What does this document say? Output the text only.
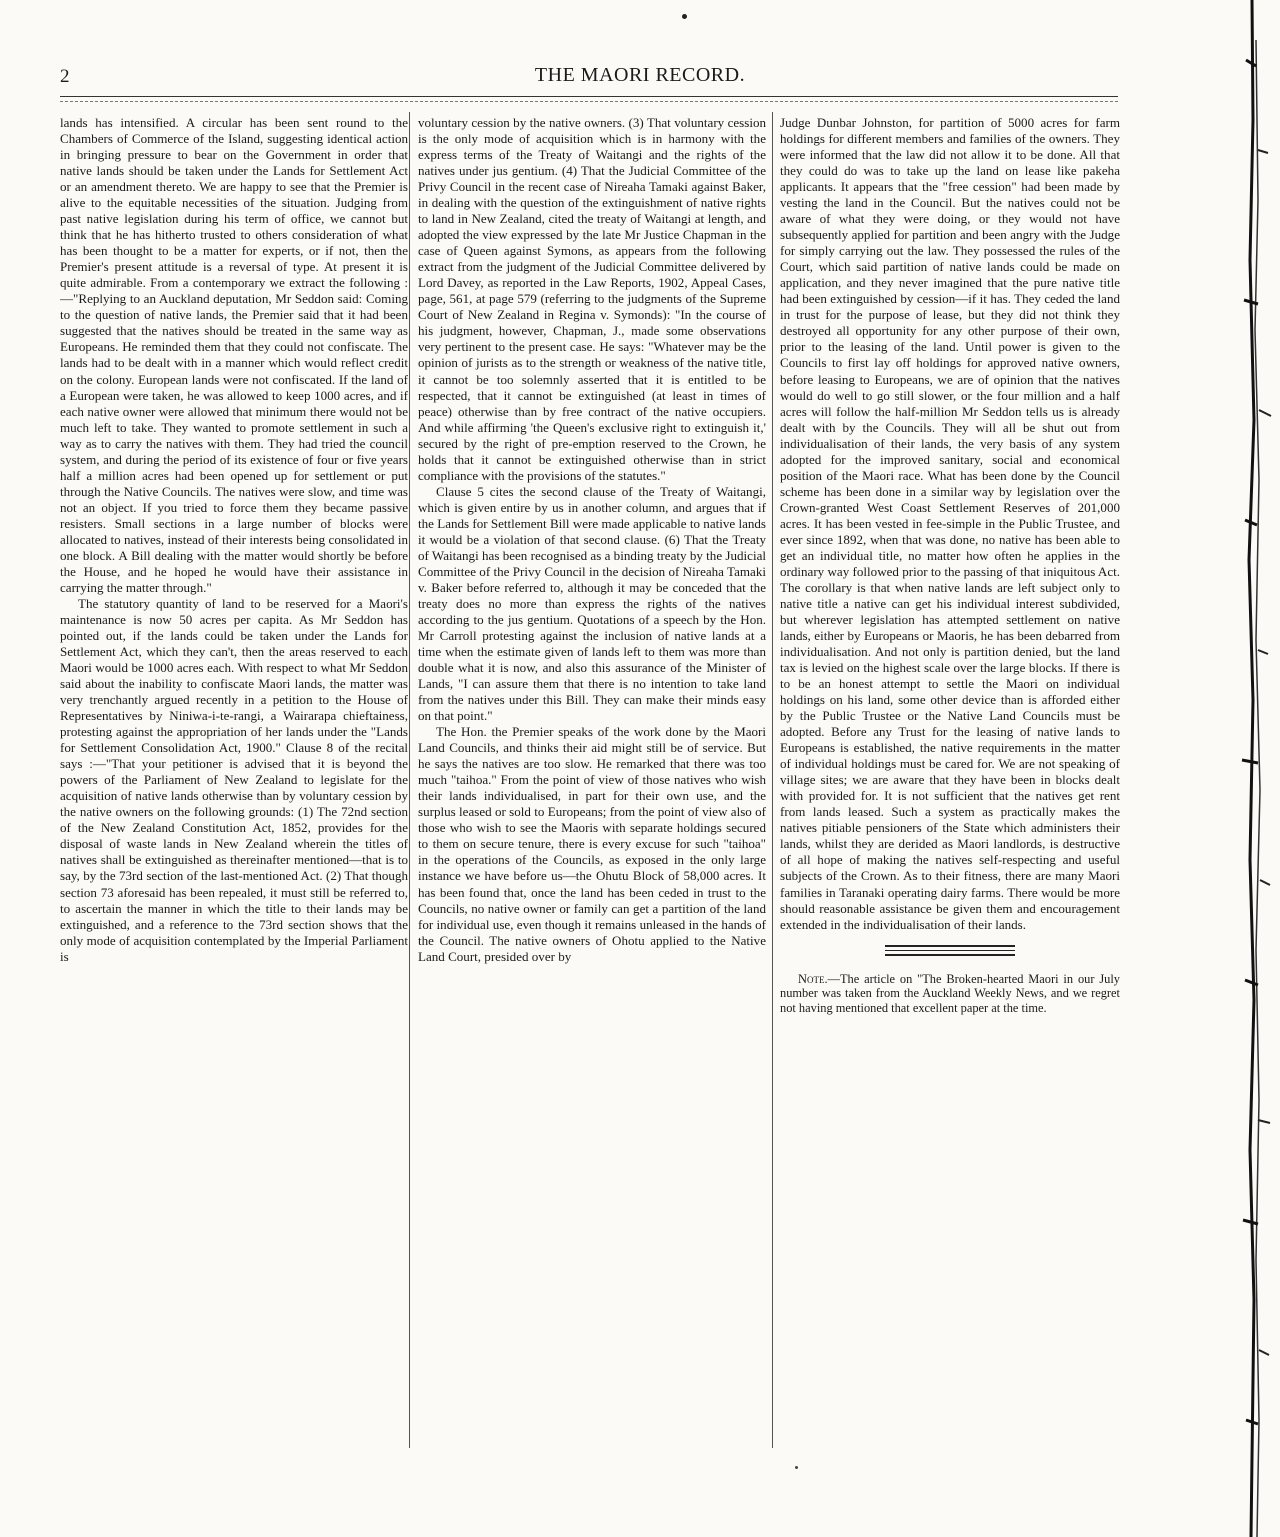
2	THE MAORI RECORD.

lands has intensified. A circular has been sent round to the Chambers of Commerce of the Island, suggesting identical action in bringing pressure to bear on the Government in order that native lands should be taken under the Lands for Settlement Act or an amendment thereto. We are happy to see that the Premier is alive to the equitable necessities of the situation. Judging from past native legislation during his term of office, we cannot but think that he has hitherto trusted to others consideration of what has been thought to be a matter for experts, or if not, then the Premier's present attitude is a reversal of type. At present it is quite admirable. From a contemporary we extract the following :—"Replying to an Auckland deputation, Mr Seddon said: Coming to the question of native lands, the Premier said that it had been suggested that the natives should be treated in the same way as Europeans. He reminded them that they could not confiscate. The lands had to be dealt with in a manner which would reflect credit on the colony. European lands were not confiscated. If the land of a European were taken, he was allowed to keep 1000 acres, and if each native owner were allowed that minimum there would not be much left to take. They wanted to promote settlement in such a way as to carry the natives with them. They had tried the council system, and during the period of its existence of four or five years half a million acres had been opened up for settlement or put through the Native Councils. The natives were slow, and time was not an object. If you tried to force them they became passive resisters. Small sections in a large number of blocks were allocated to natives, instead of their interests being consolidated in one block. A Bill dealing with the matter would shortly be before the House, and he hoped he would have their assistance in carrying the matter through."

The statutory quantity of land to be reserved for a Maori's maintenance is now 50 acres per capita. As Mr Seddon has pointed out, if the lands could be taken under the Lands for Settlement Act, which they can't, then the areas reserved to each Maori would be 1000 acres each. With respect to what Mr Seddon said about the inability to confiscate Maori lands, the matter was very trenchantly argued recently in a petition to the House of Representatives by Niniwa-i-te-rangi, a Wairarapa chieftainess, protesting against the appropriation of her lands under the "Lands for Settlement Consolidation Act, 1900." Clause 8 of the recital says :—"That your petitioner is advised that it is beyond the powers of the Parliament of New Zealand to legislate for the acquisition of native lands otherwise than by voluntary cession by the native owners on the following grounds: (1) The 72nd section of the New Zealand Constitution Act, 1852, provides for the disposal of waste lands in New Zealand wherein the titles of natives shall be extinguished as thereinafter mentioned—that is to say, by the 73rd section of the last-mentioned Act. (2) That though section 73 aforesaid has been repealed, it must still be referred to, to ascertain the manner in which the title to their lands may be extinguished, and a reference to the 73rd section shows that the only mode of acquisition contemplated by the Imperial Parliament is

voluntary cession by the native owners. (3) That voluntary cession is the only mode of acquisition which is in harmony with the express terms of the Treaty of Waitangi and the rights of the natives under jus gentium. (4) That the Judicial Committee of the Privy Council in the recent case of Nireaha Tamaki against Baker, in dealing with the question of the extinguishment of native rights to land in New Zealand, cited the treaty of Waitangi at length, and adopted the view expressed by the late Mr Justice Chapman in the case of Queen against Symons, as appears from the following extract from the judgment of the Judicial Committee delivered by Lord Davey, as reported in the Law Reports, 1902, Appeal Cases, page, 561, at page 579 (referring to the judgments of the Supreme Court of New Zealand in Regina v. Symonds): "In the course of his judgment, however, Chapman, J., made some observations very pertinent to the present case. He says: "Whatever may be the opinion of jurists as to the strength or weakness of the native title, it cannot be too solemnly asserted that it is entitled to be respected, that it cannot be extinguished (at least in times of peace) otherwise than by free contract of the native occupiers. And while affirming 'the Queen's exclusive right to extinguish it,' secured by the right of pre-emption reserved to the Crown, he holds that it cannot be extinguished otherwise than in strict compliance with the provisions of the statutes."

Clause 5 cites the second clause of the Treaty of Waitangi, which is given entire by us in another column, and argues that if the Lands for Settlement Bill were made applicable to native lands it would be a violation of that second clause. (6) That the Treaty of Waitangi has been recognised as a binding treaty by the Judicial Committee of the Privy Council in the decision of Nireaha Tamaki v. Baker before referred to, although it may be conceded that the treaty does no more than express the rights of the natives according to the jus gentium. Quotations of a speech by the Hon. Mr Carroll protesting against the inclusion of native lands at a time when the estimate given of lands left to them was more than double what it is now, and also this assurance of the Minister of Lands, "I can assure them that there is no intention to take land from the natives under this Bill. They can make their minds easy on that point."

The Hon. the Premier speaks of the work done by the Maori Land Councils, and thinks their aid might still be of service. But he says the natives are too slow. He remarked that there was too much "taihoa." From the point of view of those natives who wish their lands individualised, in part for their own use, and the surplus leased or sold to Europeans; from the point of view also of those who wish to see the Maoris with separate holdings secured to them on secure tenure, there is every excuse for such "taihoa" in the operations of the Councils, as exposed in the only large instance we have before us—the Ohutu Block of 58,000 acres. It has been found that, once the land has been ceded in trust to the Councils, no native owner or family can get a partition of the land for individual use, even though it remains unleased in the hands of the Council. The native owners of Ohotu applied to the Native Land Court, presided over by

Judge Dunbar Johnston, for partition of 5000 acres for farm holdings for different members and families of the owners. They were informed that the law did not allow it to be done. All that they could do was to take up the land on lease like pakeha applicants. It appears that the "free cession" had been made by vesting the land in the Council. But the natives could not be aware of what they were doing, or they would not have subsequently applied for partition and been angry with the Judge for simply carrying out the law. They possessed the rules of the Court, which said partition of native lands could be made on application, and they never imagined that the pure native title had been extinguished by cession—if it has. They ceded the land in trust for the purpose of lease, but they did not think they destroyed all opportunity for any other purpose of their own, prior to the leasing of the land. Until power is given to the Councils to first lay off holdings for approved native owners, before leasing to Europeans, we are of opinion that the natives would do well to go still slower, or the four million and a half acres will follow the half-million Mr Seddon tells us is already dealt with by the Councils. They will all be shut out from individualisation of their lands, the very basis of any system adopted for the improved sanitary, social and economical position of the Maori race. What has been done by the Council scheme has been done in a similar way by legislation over the Crown-granted West Coast Settlement Reserves of 201,000 acres. It has been vested in fee-simple in the Public Trustee, and ever since 1892, when that was done, no native has been able to get an individual title, no matter how often he applies in the ordinary way followed prior to the passing of that iniquitous Act. The corollary is that when native lands are left subject only to native title a native can get his individual interest subdivided, but wherever legislation has attempted settlement on native lands, either by Europeans or Maoris, he has been debarred from individualisation. And not only is partition denied, but the land tax is levied on the highest scale over the large blocks. If there is to be an honest attempt to settle the Maori on individual holdings on his land, some other device than is afforded either by the Public Trustee or the Native Land Councils must be adopted. Before any Trust for the leasing of native lands to Europeans is established, the native requirements in the matter of individual holdings must be cared for. We are not speaking of village sites; we are aware that they have been in blocks dealt with provided for. It is not sufficient that the natives get rent from lands leased. Such a system as practically makes the natives pitiable pensioners of the State which administers their lands, whilst they are derided as Maori landlords, is destructive of all hope of making the natives self-respecting and useful subjects of the Crown. As to their fitness, there are many Maori families in Taranaki operating dairy farms. There would be more should reasonable assistance be given them and encouragement extended in the individualisation of their lands.

Note.—The article on "The Broken-hearted Maori in our July number was taken from the Auckland Weekly News, and we regret not having mentioned that excellent paper at the time.
